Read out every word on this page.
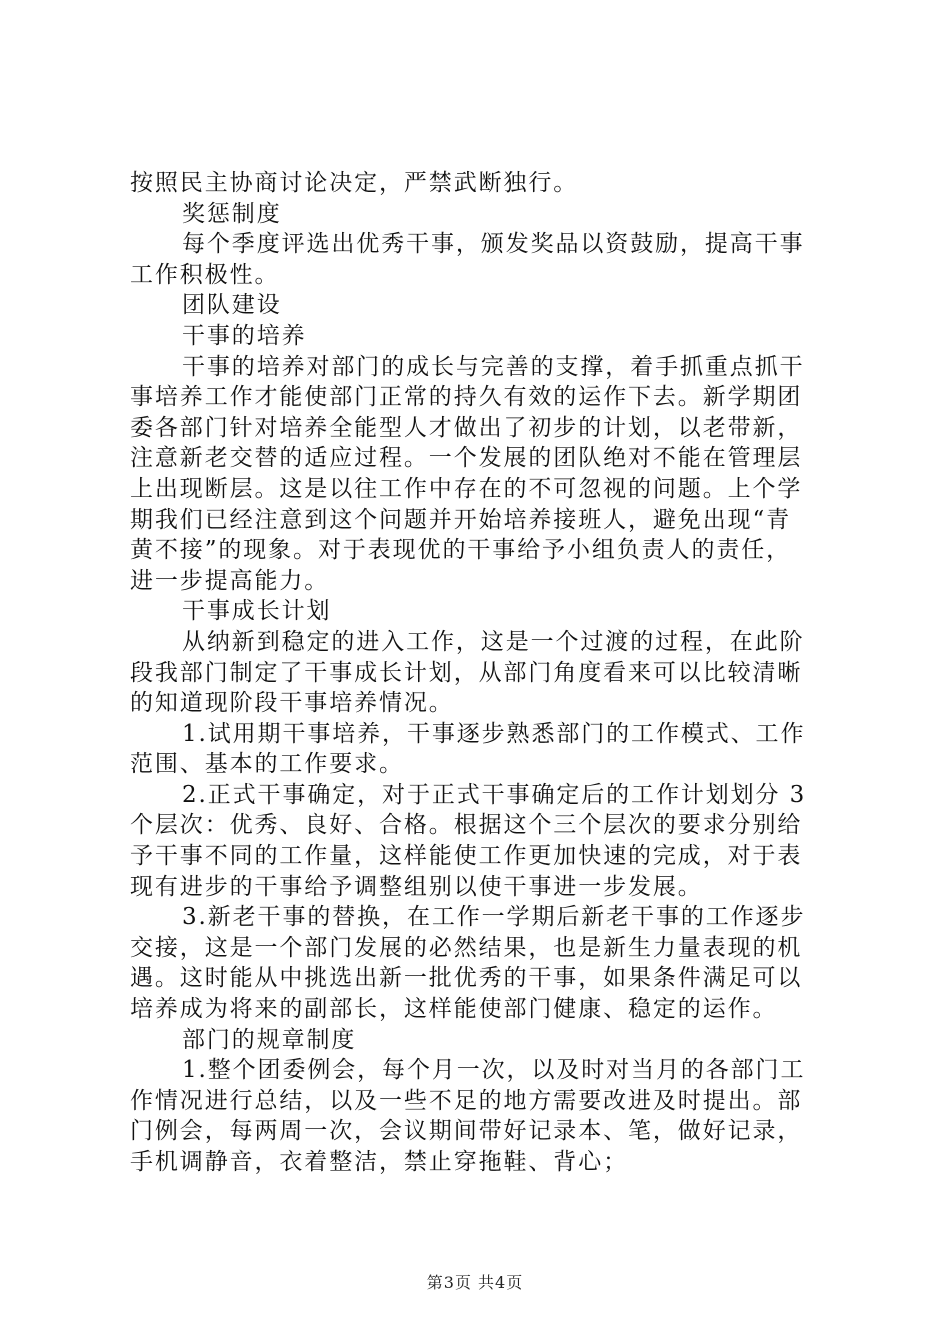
按照民主协商讨论决定，严禁武断独行。
奖惩制度
每个季度评选出优秀干事，颁发奖品以资鼓励，提高干事
工作积极性。
团队建设
干事的培养
干事的培养对部门的成长与完善的支撑，着手抓重点抓干
事培养工作才能使部门正常的持久有效的运作下去。新学期团
委各部门针对培养全能型人才做出了初步的计划，以老带新，
注意新老交替的适应过程。一个发展的团队绝对不能在管理层
上出现断层。这是以往工作中存在的不可忽视的问题。上个学
期我们已经注意到这个问题并开始培养接班人，避免出现“青
黄不接”的现象。对于表现优的干事给予小组负责人的责任，
进一步提高能力。
干事成长计划
从纳新到稳定的进入工作，这是一个过渡的过程，在此阶
段我部门制定了干事成长计划，从部门角度看来可以比较清晰
的知道现阶段干事培养情况。
1.试用期干事培养，干事逐步熟悉部门的工作模式、工作
范围、基本的工作要求。
2.正式干事确定，对于正式干事确定后的工作计划划分 3
个层次：优秀、良好、合格。根据这个三个层次的要求分别给
予干事不同的工作量，这样能使工作更加快速的完成，对于表
现有进步的干事给予调整组别以使干事进一步发展。
3.新老干事的替换，在工作一学期后新老干事的工作逐步
交接，这是一个部门发展的必然结果，也是新生力量表现的机
遇。这时能从中挑选出新一批优秀的干事，如果条件满足可以
培养成为将来的副部长，这样能使部门健康、稳定的运作。
部门的规章制度
1.整个团委例会，每个月一次，以及时对当月的各部门工
作情况进行总结，以及一些不足的地方需要改进及时提出。部
门例会，每两周一次，会议期间带好记录本、笔，做好记录，
手机调静音，衣着整洁，禁止穿拖鞋、背心；
第3页 共4页
